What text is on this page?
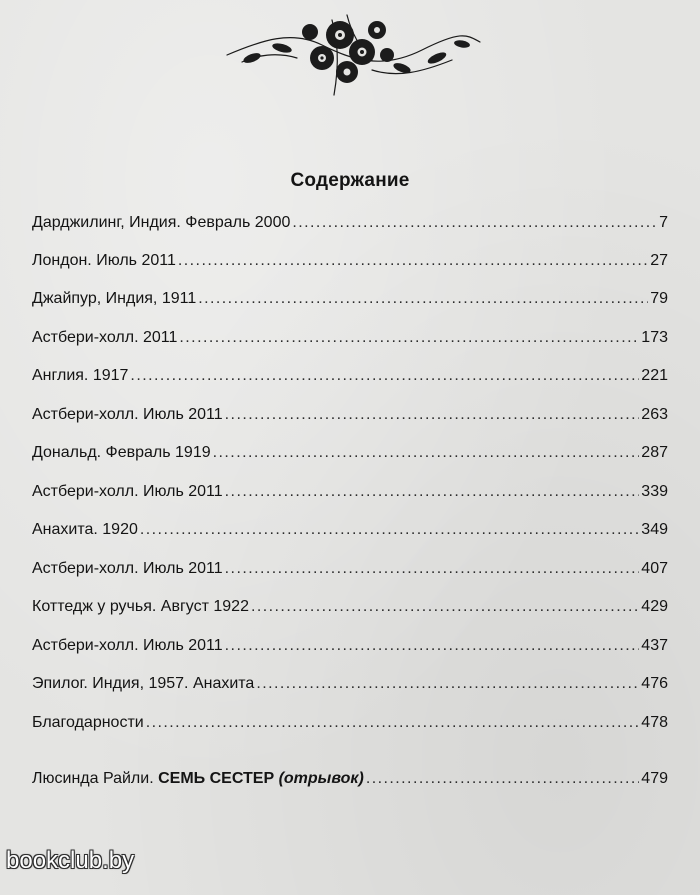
Содержание
Дарджилинг, Индия. Февраль 2000 . . .	7
Лондон. Июль 2011 . . .	27
Джайпур, Индия, 1911 . . .	79
Астбери-холл. 2011 . . .	173
Англия. 1917 . . .	221
Астбери-холл. Июль 2011 . . .	263
Дональд. Февраль 1919 . . .	287
Астбери-холл. Июль 2011 . . .	339
Анахита. 1920 . . .	349
Астбери-холл. Июль 2011 . . .	407
Коттедж у ручья. Август 1922 . . .	429
Астбери-холл. Июль 2011 . . .	437
Эпилог. Индия, 1957. Анахита . . .	476
Благодарности . . .	478
Люсинда Райли. СЕМЬ СЕСТЕР (отрывок) . . .	479
bookclub.by
